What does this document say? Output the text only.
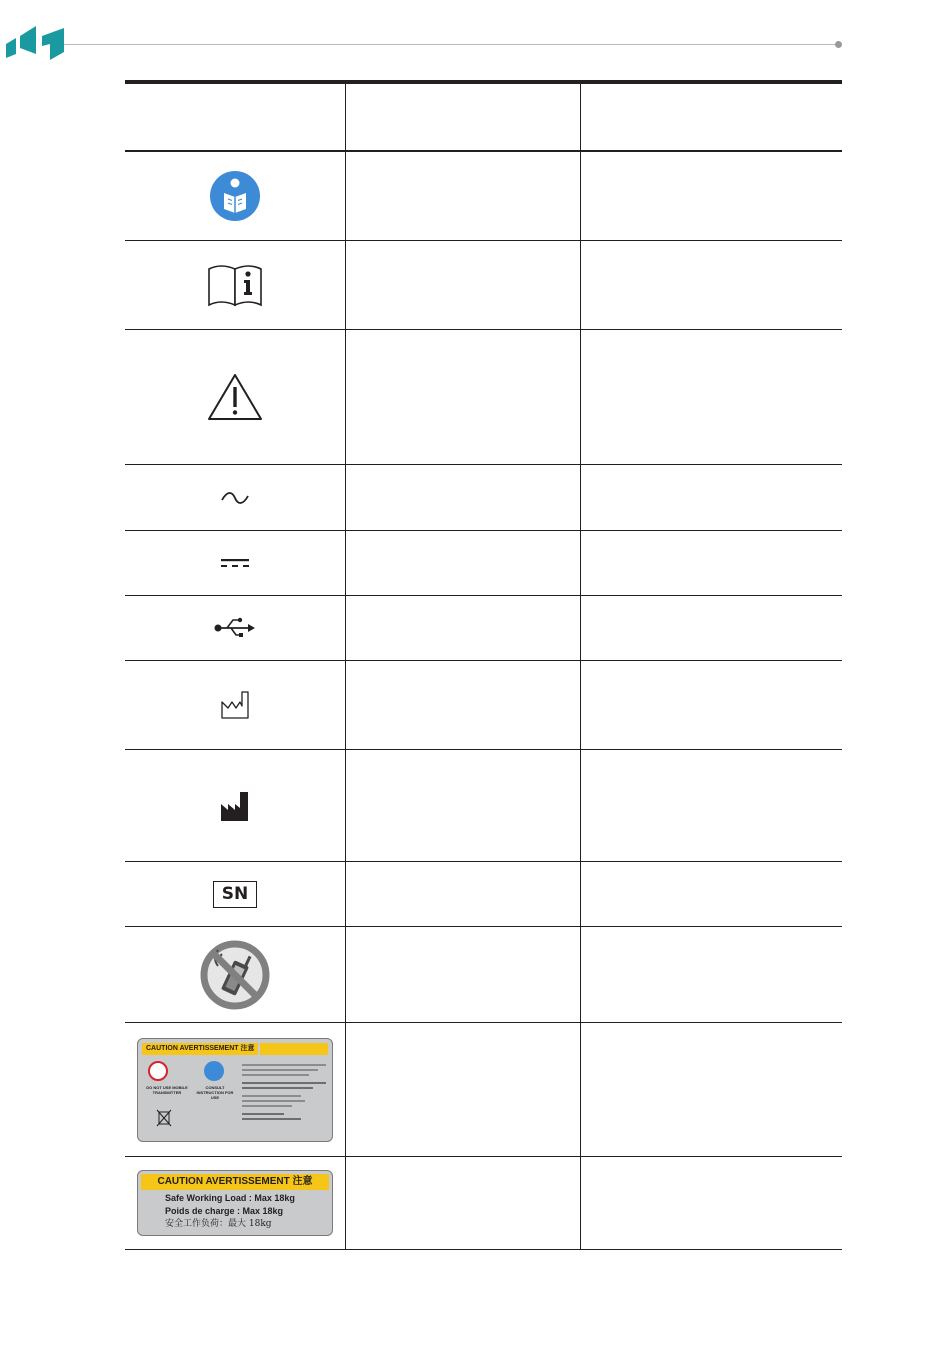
SN
CAUTION AVERTISSEMENT 注意
DO NOT USE MOBILE TRANSMITTER
CONSULT INSTRUCTION FOR USE
CAUTION AVERTISSEMENT 注意
Safe Working Load : Max 18kg
Poids de charge : Max 18kg
安全工作负荷：最大 18kg
